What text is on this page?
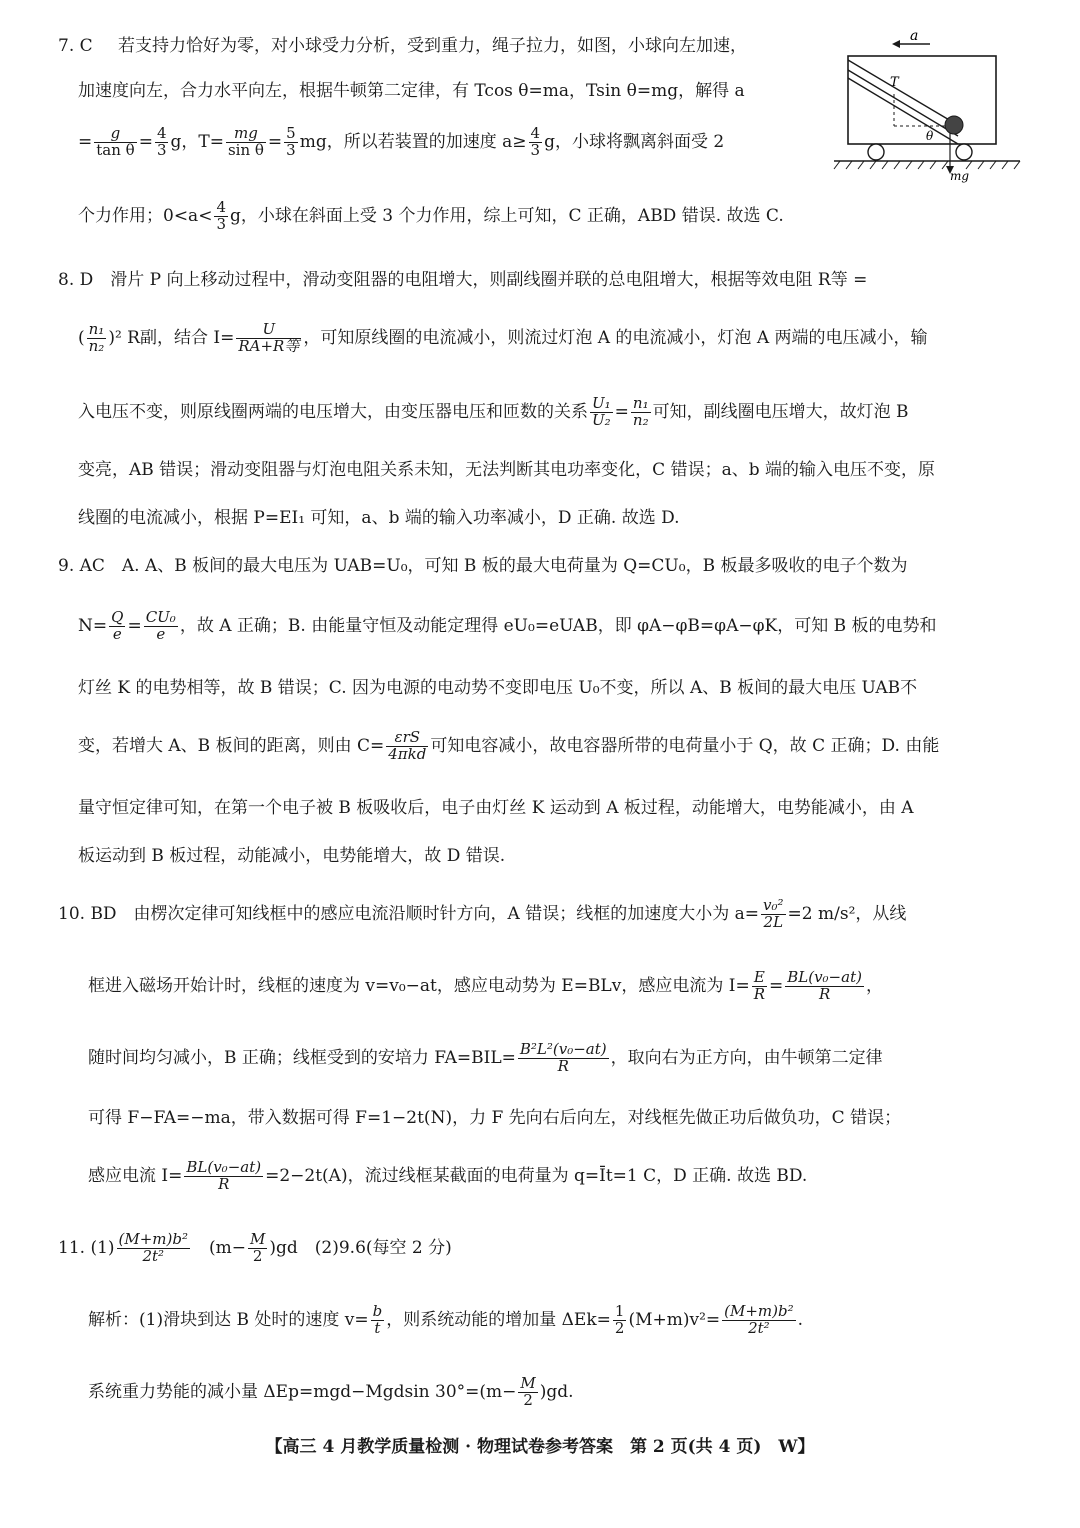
7. C 若支持力恰好为零，对小球受力分析，受到重力，绳子拉力，如图，小球向左加速，
加速度向左，合力水平向左，根据牛顿第二定律，有 Tcos θ=ma，Tsin θ=mg，解得 a
= $\frac{g}{\text{tan θ}} = \frac{4}{3}$ g，$T= \frac{mg}{\text{sin θ}} = \frac{5}{3}$ mg，所以若装置的加速度 $a\ge \frac{4}{3}$ g，小球将飘离斜面受 2
个力作用；$0<a< \frac{4}{3}$ g，小球在斜面上受 3 个力作用，综上可知，C 正确，ABD 错误. 故选 C.
a
T
θ
mg
8. D　滑片 P 向上移动过程中，滑动变阻器的电阻增大，则副线圈并联的总电阻增大，根据等效电阻 R等 =
( $\frac{\text{n₁}}{\text{n₂}} )^2$ R副，结合 $I= \frac{U}{\text{RA+R等}}$ ，可知原线圈的电流减小，则流过灯泡 A 的电流减小，灯泡 A 两端的电压减小，输
入电压不变，则原线圈两端的电压增大，由变压器电压和匝数的关系 $\frac{\text{U₁}}{\text{U₂}} = \frac{\text{n₁}}{\text{n₂}}$ 可知，副线圈电压增大，故灯泡 B
变亮，AB 错误；滑动变阻器与灯泡电阻关系未知，无法判断其电功率变化，C 错误；a、b 端的输入电压不变，原
线圈的电流减小，根据 P=EI₁ 可知，a、b 端的输入功率减小，D 正确. 故选 D.
9. AC　A. A、B 板间的最大电压为 UAB=U₀，可知 B 板的最大电荷量为 Q=CU₀，B 板最多吸收的电子个数为
$N= \frac{Q}{e} = \frac{\text{CU₀}}{e}$ ，故 A 正确；B. 由能量守恒及动能定理得 eU₀=eUAB，即 φA−φB=φA−φK，可知 B 板的电势和
灯丝 K 的电势相等，故 B 错误；C. 因为电源的电动势不变即电压 U₀不变，所以 A、B 板间的最大电压 UAB不
变，若增大 A、B 板间的距离，则由 $C= \frac{\text{εrS}}{\text{4πkd}}$ 可知电容减小，故电容器所带的电荷量小于 Q，故 C 正确；D. 由能
量守恒定律可知，在第一个电子被 B 板吸收后，电子由灯丝 K 运动到 A 板过程，动能增大，电势能减小，由 A
板运动到 B 板过程，动能减小，电势能增大，故 D 错误.
10. BD　由楞次定律可知线框中的感应电流沿顺时针方向，A 错误；线框的加速度大小为 $a= \frac{\text{v₀²}}{2L} =2$ m/s²，从线
框进入磁场开始计时，线框的速度为 v=v₀−at，感应电动势为 E=BLv，感应电流为 $I= \frac{E}{R} = \frac{\text{BL(v₀−at)}}{R}$ ，
随时间均匀减小，B 正确；线框受到的安培力 $FA=BIL= \frac{\text{B²L²(v₀−at)}}{R}$ ，取向右为正方向，由牛顿第二定律
可得 F−FA=−ma，带入数据可得 F=1−2t(N)，力 F 先向右后向左，对线框先做正功后做负功，C 错误；
感应电流 $I= \frac{\text{BL(v₀−at)}}{R} =2-2t(A)$，流过线框某截面的电荷量为 q=Īt=1 C，D 正确. 故选 BD.
11. $(1) \frac{\text{(M+m)b²}}{\text{2t²}}$ 　$(m- \frac{M}{2} )gd$　(2)9.6(每空 2 分)
解析：(1)滑块到达 B 处时的速度 $v= \frac{b}{t}$ ，则系统动能的增加量 $\Delta Ek= \frac{1}{2} (M+m)v^2= \frac{\text{(M+m)b²}}{\text{2t²}}$ .
系统重力势能的减小量 ΔEp=mgd−Mgdsin $30^\circ=(m- \frac{M}{2} )gd$.
【高三 4 月教学质量检测 · 物理试卷参考答案　第 2 页(共 4 页)　W】
